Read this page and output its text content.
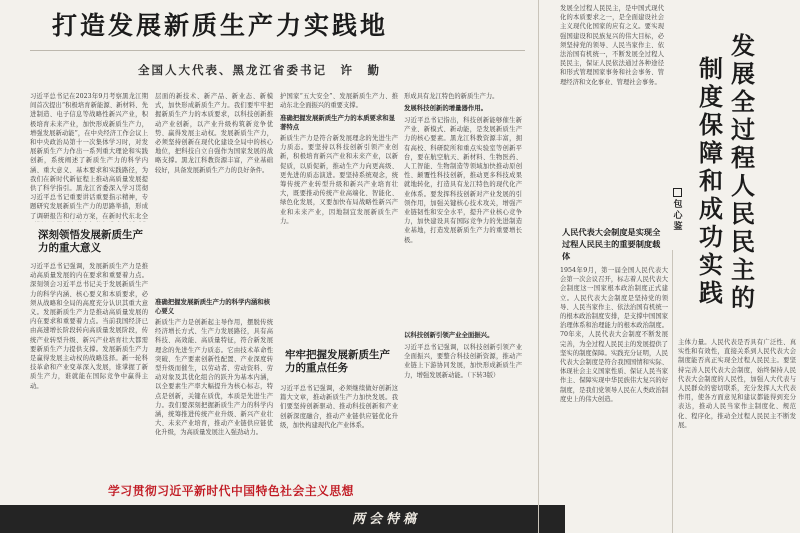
打造发展新质生产力实践地
全国人大代表、黑龙江省委书记　许　勤
习近平总书记在2023年9月考察黑龙江期间首次提出“积极培育新能源、新材料、先进制造、电子信息等战略性新兴产业，积极培育未来产业，加快形成新质生产力，增强发展新动能”，在中央经济工作会议上和中央政治局第十一次集体学习时，对发展新质生产力作出一系列重大理论和实践创新，系统阐述了新质生产力的科学内涵、重大意义、基本要求和实践路径，为我们在新时代新征程上推动高质量发展提供了科学指引。黑龙江省委深入学习贯彻习近平总书记重要讲话重要指示精神，专题研究发展新质生产力的思路举措，形成了调研报告和行动方案，在新时代东北全
深刻领悟发展新质生产力的重大意义
习近平总书记强调，发展新质生产力是推动高质量发展的内在要求和重要着力点。深刻领会习近平总书记关于发展新质生产力的科学内涵、核心要义和本质要求，必须从战略和全局的高度充分认识其重大意义。发展新质生产力是推动高质量发展的内在要求和重要着力点。当前我国经济已由高速增长阶段转向高质量发展阶段，传统产业转型升级、新兴产业培育壮大都需要新质生产力提供支撑。发展新质生产力是赢得发展主动权的战略选择。新一轮科技革命和产业变革深入发展，谁掌握了新质生产力，谁就能在国际竞争中赢得主动。
层面的新技术、新产品、新业态、新模式，加快形成新质生产力。我们要牢牢把握新质生产力的本质要求，以科技创新推动产业创新，以产业升级构筑新竞争优势、赢得发展主动权。发展新质生产力，必须坚持创新在现代化建设全局中的核心地位，把科技自立自强作为国家发展的战略支撑。黑龙江科教资源丰富，产业基础较好，具备发展新质生产力的良好条件。
准确把握发展新质生产力的科学内涵和核心要义
新质生产力是创新起主导作用，摆脱传统经济增长方式、生产力发展路径，具有高科技、高效能、高质量特征，符合新发展理念的先进生产力质态。它由技术革命性突破、生产要素创新性配置、产业深度转型升级而催生，以劳动者、劳动资料、劳动对象及其优化组合的跃升为基本内涵，以全要素生产率大幅提升为核心标志，特点是创新，关键在质优，本质是先进生产力。我们要深刻把握新质生产力的科学内涵，统筹推进传统产业升级、新兴产业壮大、未来产业培育，推动产业链供应链优化升级，为高质量发展注入强劲动力。
护国家“五大安全”、发展新质生产力、推动东北全面振兴的重要支撑。
准确把握发展新质生产力的本质要求和显著特点
新质生产力是符合新发展理念的先进生产力质态。要坚持以科技创新引领产业创新，积极培育新兴产业和未来产业，以新促质，以质促新，推动生产力向更高级、更先进的质态演进。要坚持系统观念，统筹传统产业转型升级和新兴产业培育壮大，既要推动传统产业高端化、智能化、绿色化发展，又要加快布局战略性新兴产业和未来产业，因地制宜发展新质生产力。
牢牢把握发展新质生产力的重点任务
习近平总书记强调，必须继续做好创新这篇大文章，推动新质生产力加快发展。我们要坚持创新驱动、推动科技创新和产业创新深度融合，推动产业链供应链优化升级，加快构建现代化产业体系。
形成具有龙江特色的新质生产力。
发展科技创新的增量器作用。
习近平总书记指出，科技创新能够催生新产业、新模式、新动能，是发展新质生产力的核心要素。黑龙江科教资源丰富，拥有高校、科研院所和重点实验室等创新平台，要在航空航天、新材料、生物医药、人工智能、生物制造等领域加快推动原创性、颠覆性科技创新，推动更多科技成果就地转化，打造具有龙江特色的现代化产业体系。要发挥科技创新对产业发展的引领作用，加强关键核心技术攻关，增强产业链韧性和安全水平，提升产业核心竞争力，加快建设具有国际竞争力的先进制造业基地，打造发展新质生产力的重要增长极。
以科技创新引领产业全面振兴。
习近平总书记强调，以科技创新引领产业全面振兴，要整合科技创新资源，推动产业链上下游协同发展，加快形成新质生产力，增强发展新动能。（下转3版）
学习贯彻习近平新时代中国特色社会主义思想
两会特稿
发展全过程人民民主，是中国式现代化的本质要求之一，是全面建设社会主义现代化国家的应有之义。要实现强国建设和民族复兴的伟大目标，必须坚持党的领导、人民当家作主、依法治国有机统一，不断发展全过程人民民主，保证人民依法通过各种途径和形式管理国家事务和社会事务、管理经济和文化事业、管理社会事务。
发展全过程人民民主的
制度保障和成功实践
包心鉴
人民代表大会制度是实现全过程人民民主的重要制度载体
1954年9月，第一届全国人民代表大会第一次会议召开，标志着人民代表大会制度这一国家根本政治制度正式建立。人民代表大会制度是坚持党的领导、人民当家作主、依法治国有机统一的根本政治制度安排，是支撑中国国家治理体系和治理能力的根本政治制度。70年来，人民代表大会制度不断发展完善，为全过程人民民主的发展提供了坚实的制度保障。实践充分证明，人民代表大会制度是符合我国国情和实际、体现社会主义国家性质、保证人民当家作主、保障实现中华民族伟大复兴的好制度，是我们党领导人民在人类政治制度史上的伟大创造。
主体力量。人民代表是否具有广泛性、真实性和有效性，直接关系到人民代表大会制度能否真正实现全过程人民民主。要坚持完善人民代表大会制度，始终保持人民代表大会制度的人民性，加强人大代表与人民群众的密切联系，充分发挥人大代表作用，使各方面意见和建议都能得到充分表达，推动人民当家作主制度化、规范化、程序化，推动全过程人民民主不断发展。
